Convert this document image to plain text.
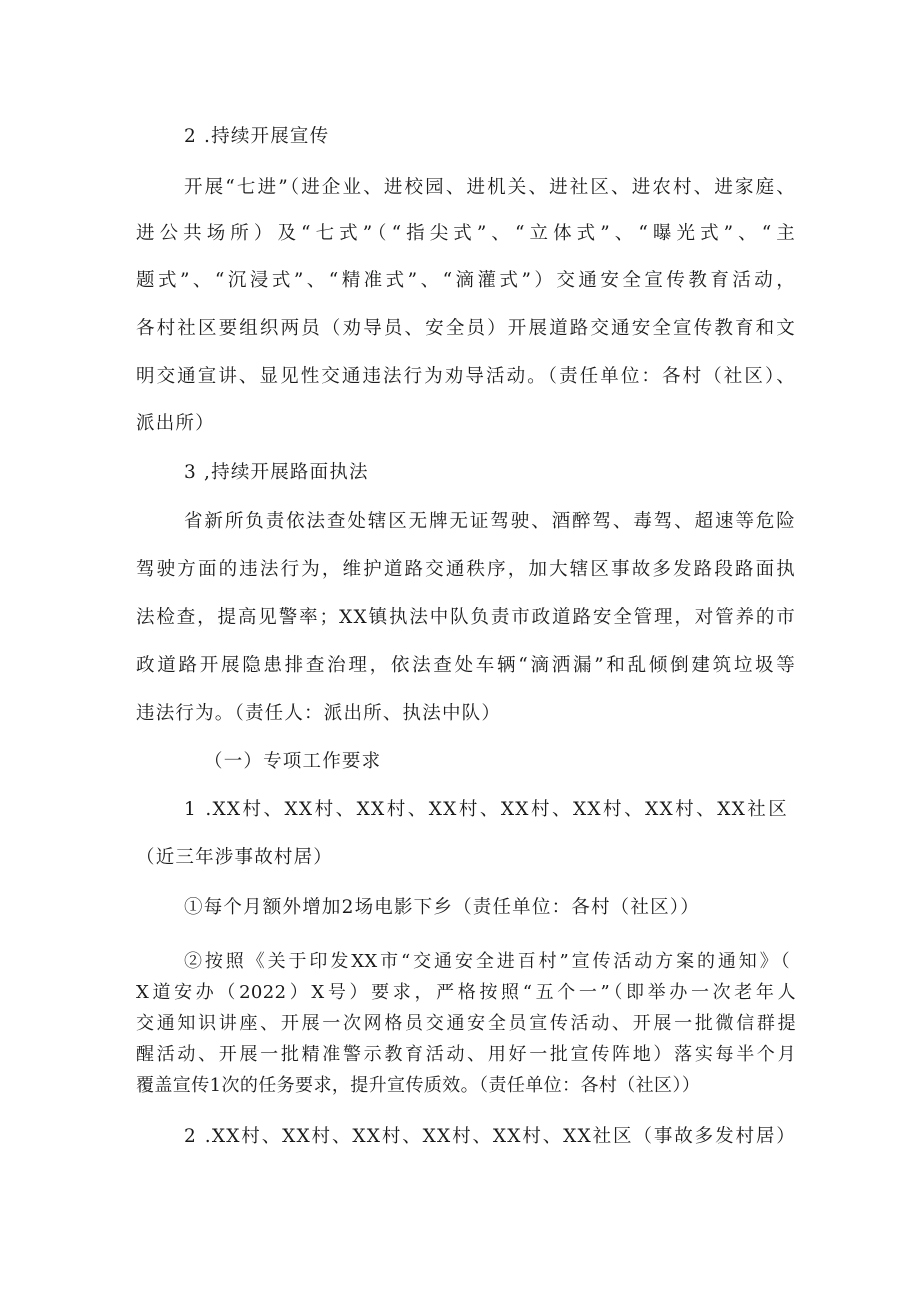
2 .持续开展宣传
开展“七进”（进企业、进校园、进机关、进社区、进农村、进家庭、
进公共场所）及“七式”（“指尖式”、“立体式”、“曝光式”、“主
题式”、“沉浸式”、“精准式”、“滴灌式”）交通安全宣传教育活动，
各村社区要组织两员（劝导员、安全员）开展道路交通安全宣传教育和文
明交通宣讲、显见性交通违法行为劝导活动。（责任单位：各村（社区）、
派出所）
3 ,持续开展路面执法
省新所负责依法查处辖区无牌无证驾驶、酒醉驾、毒驾、超速等危险
驾驶方面的违法行为，维护道路交通秩序，加大辖区事故多发路段路面执
法检查，提高见警率；XX镇执法中队负责市政道路安全管理，对管养的市
政道路开展隐患排查治理，依法查处车辆“滴洒漏”和乱倾倒建筑垃圾等
违法行为。（责任人：派出所、执法中队）
（一）专项工作要求
1 .XX村、XX村、XX村、XX村、XX村、XX村、XX村、XX社区
（近三年涉事故村居）
①每个月额外增加2场电影下乡（责任单位：各村（社区））
②按照《关于印发XX市“交通安全进百村”宣传活动方案的通知》（
X道安办（2022）X号）要求，严格按照“五个一”（即举办一次老年人
交通知识讲座、开展一次网格员交通安全员宣传活动、开展一批微信群提
醒活动、开展一批精准警示教育活动、用好一批宣传阵地）落实每半个月
覆盖宣传1次的任务要求，提升宣传质效。（责任单位：各村（社区））
2 .XX村、XX村、XX村、XX村、XX村、XX社区（事故多发村居）
